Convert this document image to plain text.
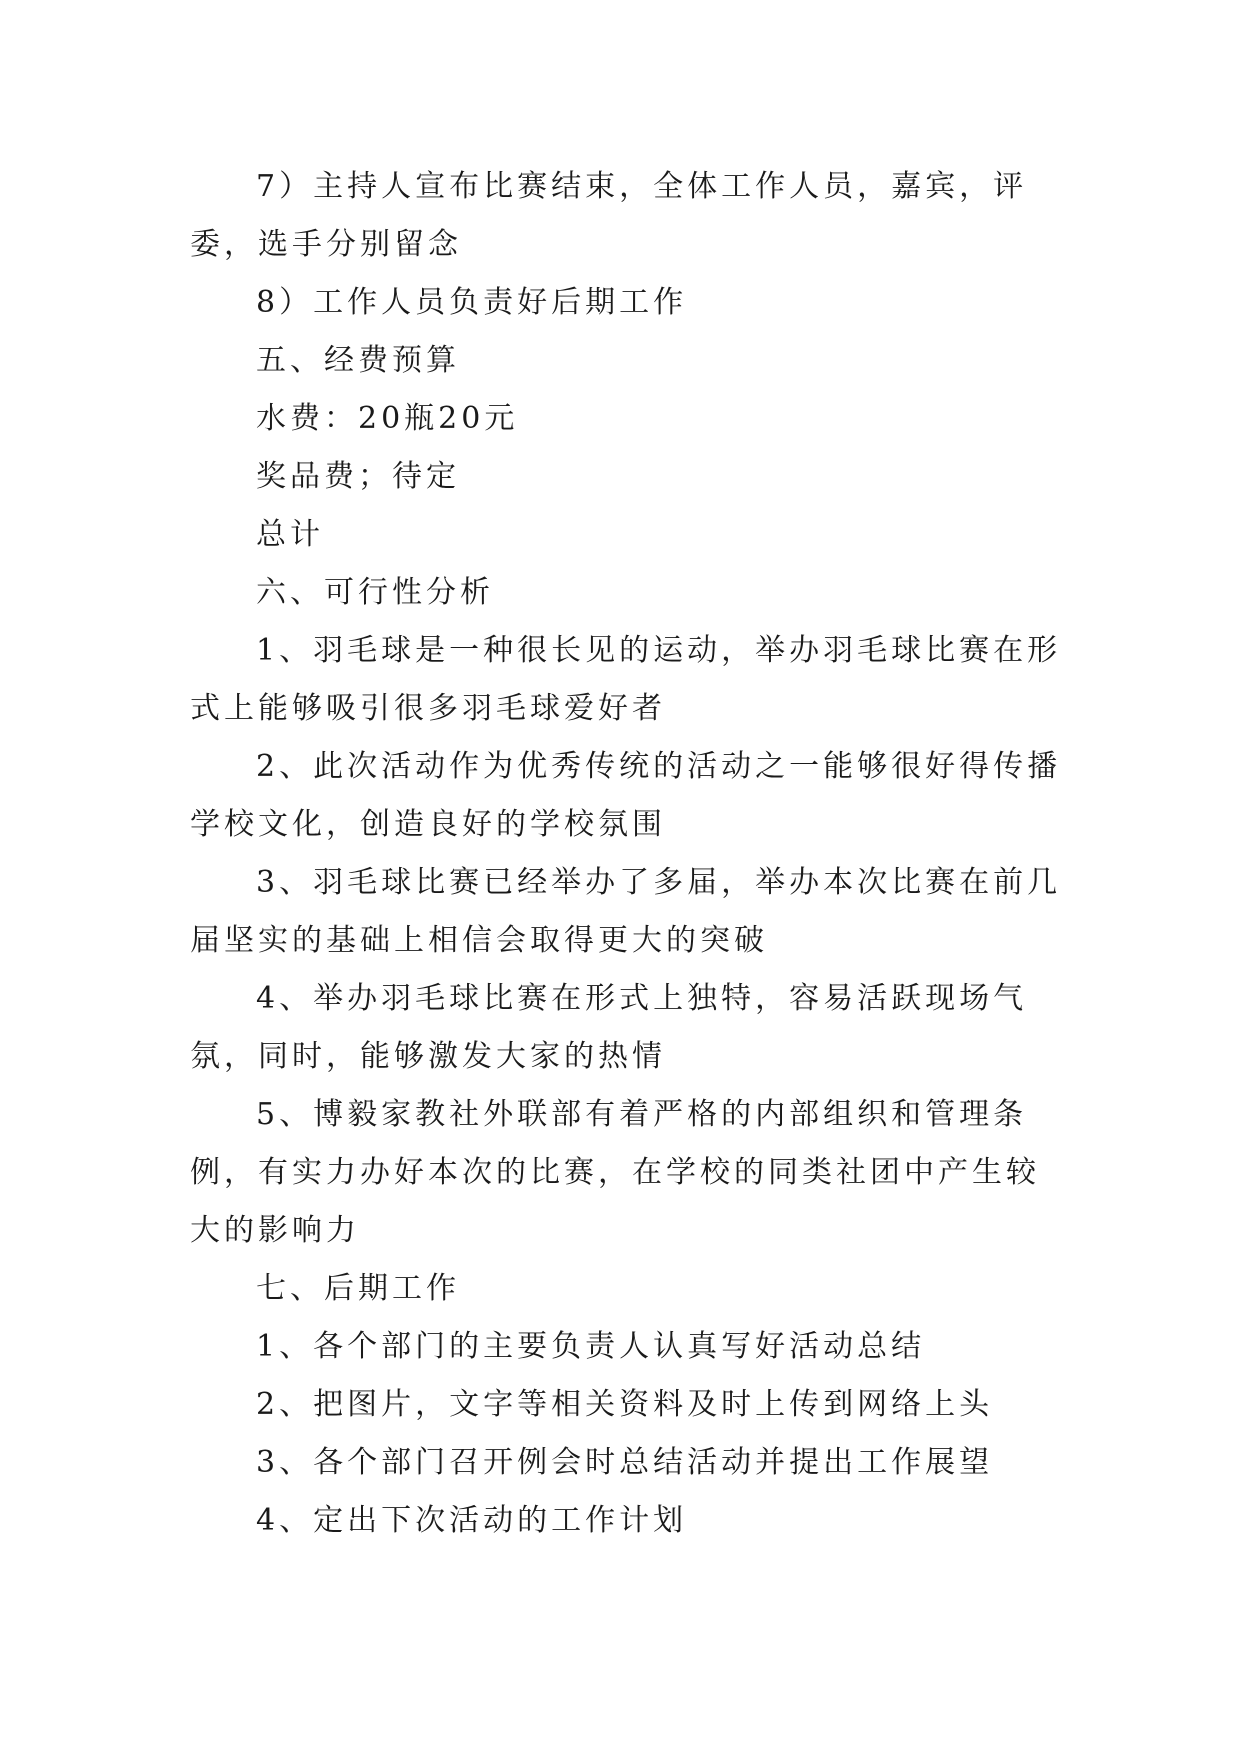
7）主持人宣布比赛结束，全体工作人员，嘉宾，评委，选手分别留念

8）工作人员负责好后期工作

五、经费预算

水费：20瓶20元

奖品费；待定

总计

六、可行性分析

1、羽毛球是一种很长见的运动，举办羽毛球比赛在形式上能够吸引很多羽毛球爱好者

2、此次活动作为优秀传统的活动之一能够很好得传播学校文化，创造良好的学校氛围

3、羽毛球比赛已经举办了多届，举办本次比赛在前几届坚实的基础上相信会取得更大的突破

4、举办羽毛球比赛在形式上独特，容易活跃现场气氛，同时，能够激发大家的热情

5、博毅家教社外联部有着严格的内部组织和管理条例，有实力办好本次的比赛，在学校的同类社团中产生较大的影响力

七、后期工作

1、各个部门的主要负责人认真写好活动总结

2、把图片，文字等相关资料及时上传到网络上头

3、各个部门召开例会时总结活动并提出工作展望

4、定出下次活动的工作计划
